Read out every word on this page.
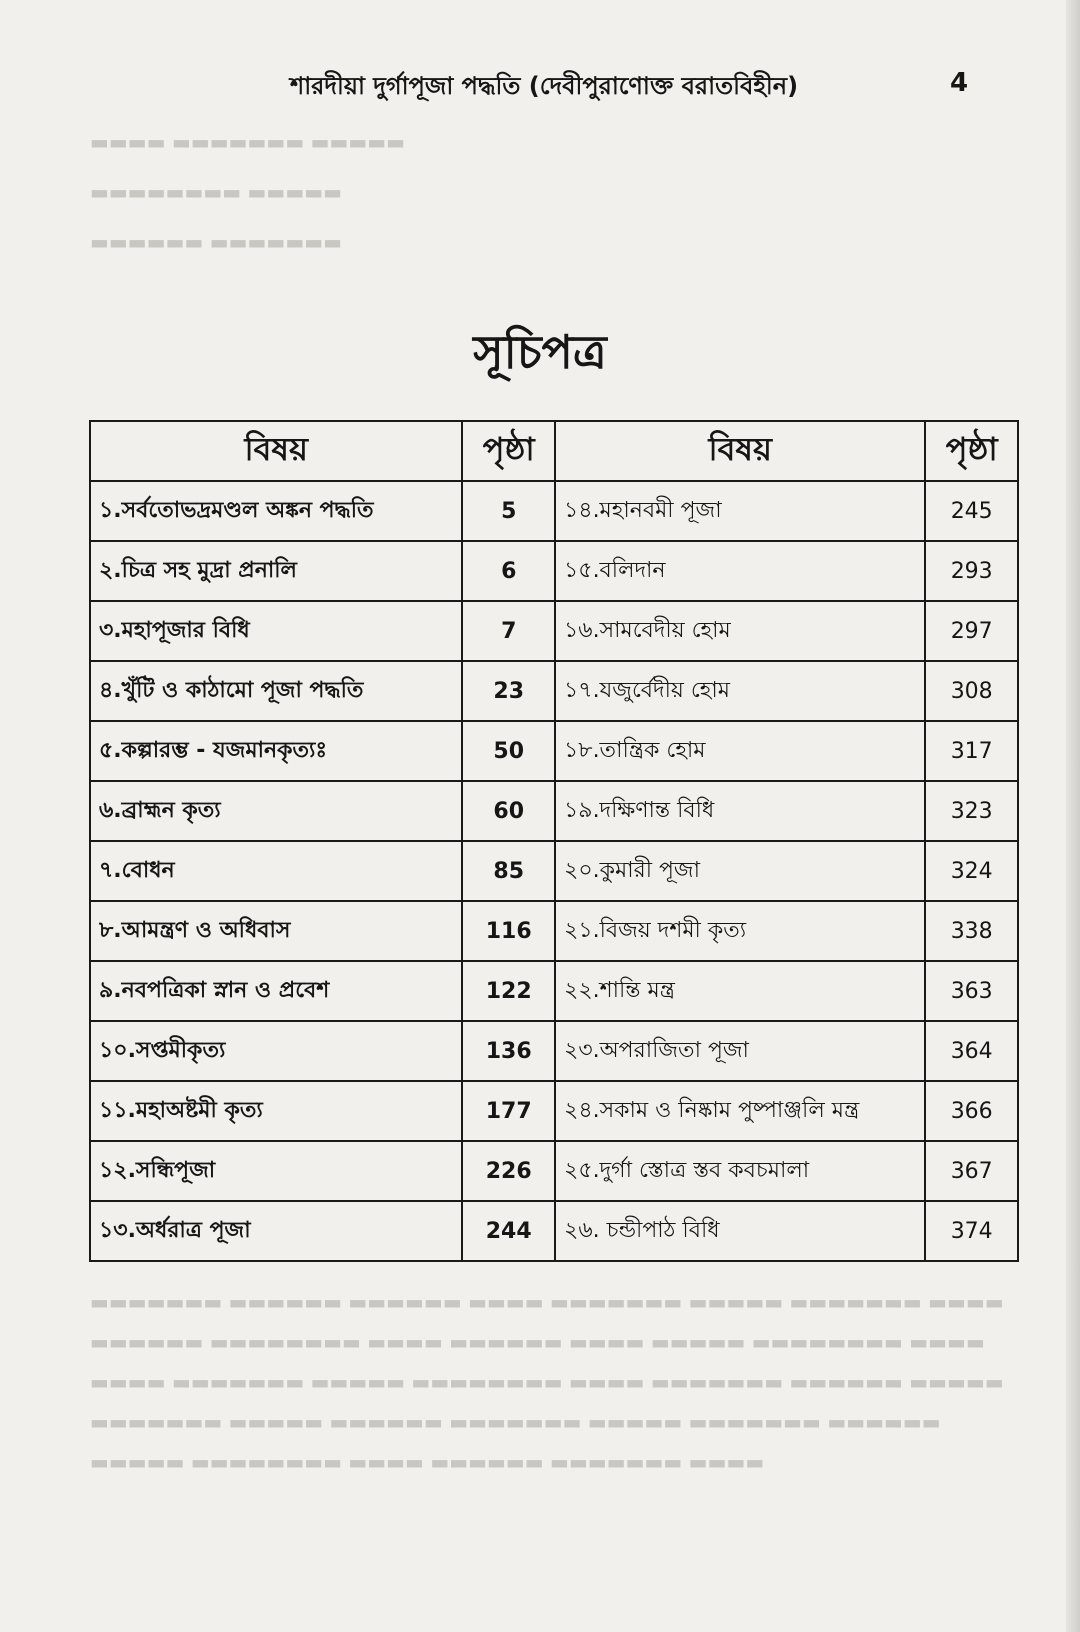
▬▬▬▬ ▬▬▬▬▬▬▬ ▬▬▬▬▬
▬▬▬▬▬▬▬▬ ▬▬▬▬▬
▬▬▬▬▬▬ ▬▬▬▬▬▬▬
▬▬▬▬▬▬▬ ▬▬▬▬▬▬ ▬▬▬▬▬▬ ▬▬▬▬ ▬▬▬▬▬▬▬ ▬▬▬▬▬ ▬▬▬▬▬▬▬ ▬▬▬▬
▬▬▬▬▬▬ ▬▬▬▬▬▬▬▬ ▬▬▬▬ ▬▬▬▬▬▬ ▬▬▬▬ ▬▬▬▬▬ ▬▬▬▬▬▬▬▬ ▬▬▬▬
▬▬▬▬ ▬▬▬▬▬▬▬ ▬▬▬▬▬ ▬▬▬▬▬▬▬▬ ▬▬▬▬ ▬▬▬▬▬▬▬ ▬▬▬▬▬▬ ▬▬▬▬▬
▬▬▬▬▬▬▬ ▬▬▬▬▬ ▬▬▬▬▬▬ ▬▬▬▬▬▬▬ ▬▬▬▬▬ ▬▬▬▬▬▬▬ ▬▬▬▬▬▬
▬▬▬▬▬ ▬▬▬▬▬▬▬▬ ▬▬▬▬ ▬▬▬▬▬▬ ▬▬▬▬▬▬▬ ▬▬▬▬
শারদীয়া দুর্গাপূজা পদ্ধতি (দেবীপুরাণোক্ত বরাতবিহীন)	4
সূচিপত্র
বিষয়	পৃষ্ঠা	বিষয়	পৃষ্ঠা
১.সর্বতোভদ্রমণ্ডল অঙ্কন পদ্ধতি	5	১৪.মহানবমী পূজা	245
২.চিত্র সহ মুদ্রা প্রনালি	6	১৫.বলিদান	293
৩.মহাপূজার বিধি	7	১৬.সামবেদীয় হোম	297
৪.খুঁটি ও কাঠামো পূজা পদ্ধতি	23	১৭.যজুর্বেদীয় হোম	308
৫.কল্পারম্ভ - যজমানকৃত্যঃ	50	১৮.তান্ত্রিক হোম	317
৬.ব্রাহ্মন কৃত্য	60	১৯.দক্ষিণান্ত বিধি	323
৭.বোধন	85	২০.কুমারী পূজা	324
৮.আমন্ত্রণ ও অধিবাস	116	২১.বিজয় দশমী কৃত্য	338
৯.নবপত্রিকা স্নান ও প্রবেশ	122	২২.শান্তি মন্ত্র	363
১০.সপ্তমীকৃত্য	136	২৩.অপরাজিতা পূজা	364
১১.মহাঅষ্টমী কৃত্য	177	২৪.সকাম ও নিষ্কাম পুষ্পাঞ্জলি মন্ত্র	366
১২.সন্ধিপূজা	226	২৫.দুর্গা স্তোত্র স্তব কবচমালা	367
১৩.অর্ধরাত্র পূজা	244	২৬. চন্ডীপাঠ বিধি	374
